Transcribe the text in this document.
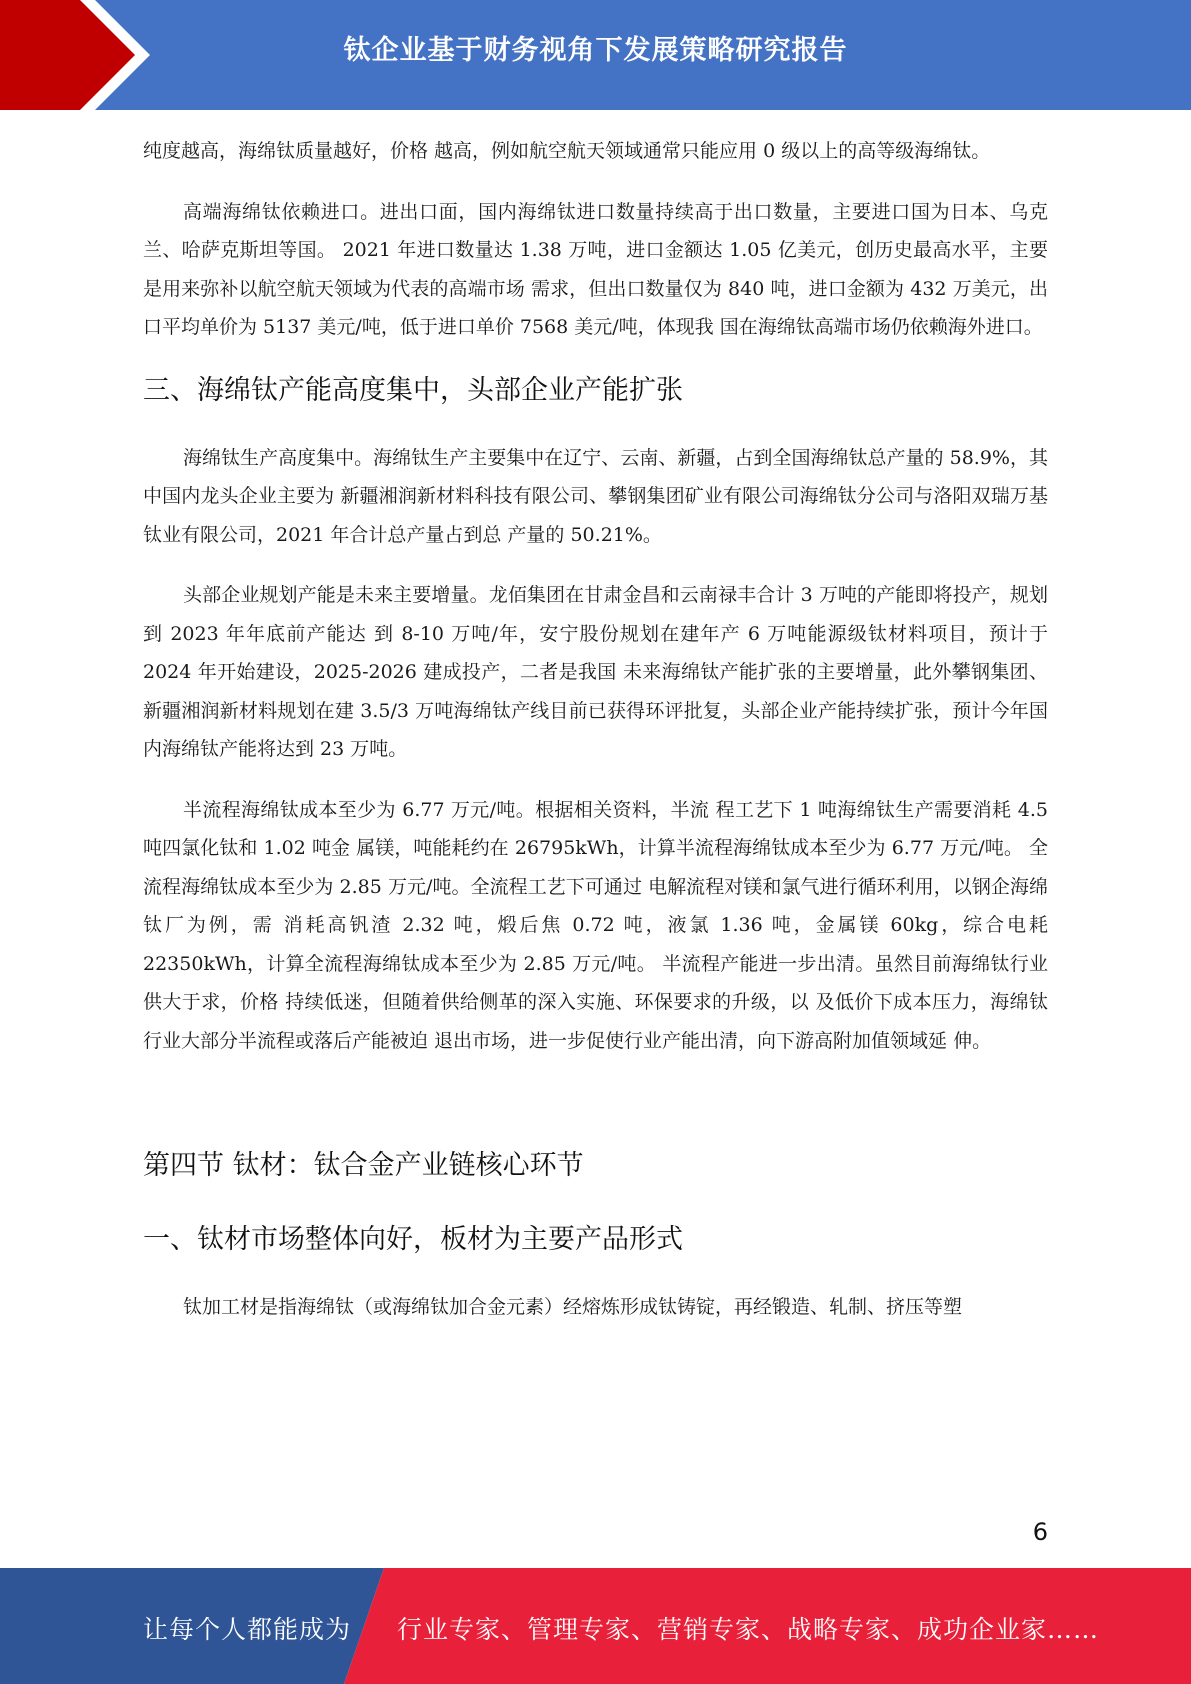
钛企业基于财务视角下发展策略研究报告

纯度越高，海绵钛质量越好，价格 越高，例如航空航天领域通常只能应用 0 级以上的高等级海绵钛。

高端海绵钛依赖进口。进出口面，国内海绵钛进口数量持续高于出口数量，主要进口国为日本、乌克兰、哈萨克斯坦等国。 2021 年进口数量达 1.38 万吨，进口金额达 1.05 亿美元，创历史最高水平，主要是用来弥补以航空航天领域为代表的高端市场 需求，但出口数量仅为 840 吨，进口金额为 432 万美元，出口平均单价为 5137 美元/吨，低于进口单价 7568 美元/吨，体现我 国在海绵钛高端市场仍依赖海外进口。

三、海绵钛产能高度集中，头部企业产能扩张

海绵钛生产高度集中。海绵钛生产主要集中在辽宁、云南、新疆，占到全国海绵钛总产量的 58.9%，其中国内龙头企业主要为 新疆湘润新材料科技有限公司、攀钢集团矿业有限公司海绵钛分公司与洛阳双瑞万基钛业有限公司，2021 年合计总产量占到总 产量的 50.21%。

头部企业规划产能是未来主要增量。龙佰集团在甘肃金昌和云南禄丰合计 3 万吨的产能即将投产，规划到 2023 年年底前产能达 到 8-10 万吨/年，安宁股份规划在建年产 6 万吨能源级钛材料项目，预计于 2024 年开始建设，2025-2026 建成投产，二者是我国 未来海绵钛产能扩张的主要增量，此外攀钢集团、新疆湘润新材料规划在建 3.5/3 万吨海绵钛产线目前已获得环评批复，头部企业产能持续扩张，预计今年国内海绵钛产能将达到 23 万吨。

半流程海绵钛成本至少为 6.77 万元/吨。根据相关资料，半流 程工艺下 1 吨海绵钛生产需要消耗 4.5 吨四氯化钛和 1.02 吨金 属镁，吨能耗约在 26795kWh，计算半流程海绵钛成本至少为 6.77 万元/吨。 全流程海绵钛成本至少为 2.85 万元/吨。全流程工艺下可通过 电解流程对镁和氯气进行循环利用，以钢企海绵钛厂为例，需 消耗高钒渣 2.32 吨，煅后焦 0.72 吨，液氯 1.36 吨，金属镁 60kg，综合电耗 22350kWh，计算全流程海绵钛成本至少为 2.85 万元/吨。 半流程产能进一步出清。虽然目前海绵钛行业供大于求，价格 持续低迷，但随着供给侧革的深入实施、环保要求的升级，以 及低价下成本压力，海绵钛行业大部分半流程或落后产能被迫 退出市场，进一步促使行业产能出清，向下游高附加值领域延 伸。

第四节 钛材：钛合金产业链核心环节
一、钛材市场整体向好，板材为主要产品形式

钛加工材是指海绵钛（或海绵钛加合金元素）经熔炼形成钛铸锭，再经锻造、轧制、挤压等塑

6
让每个人都能成为 行业专家、管理专家、营销专家、战略专家、成功企业家……
